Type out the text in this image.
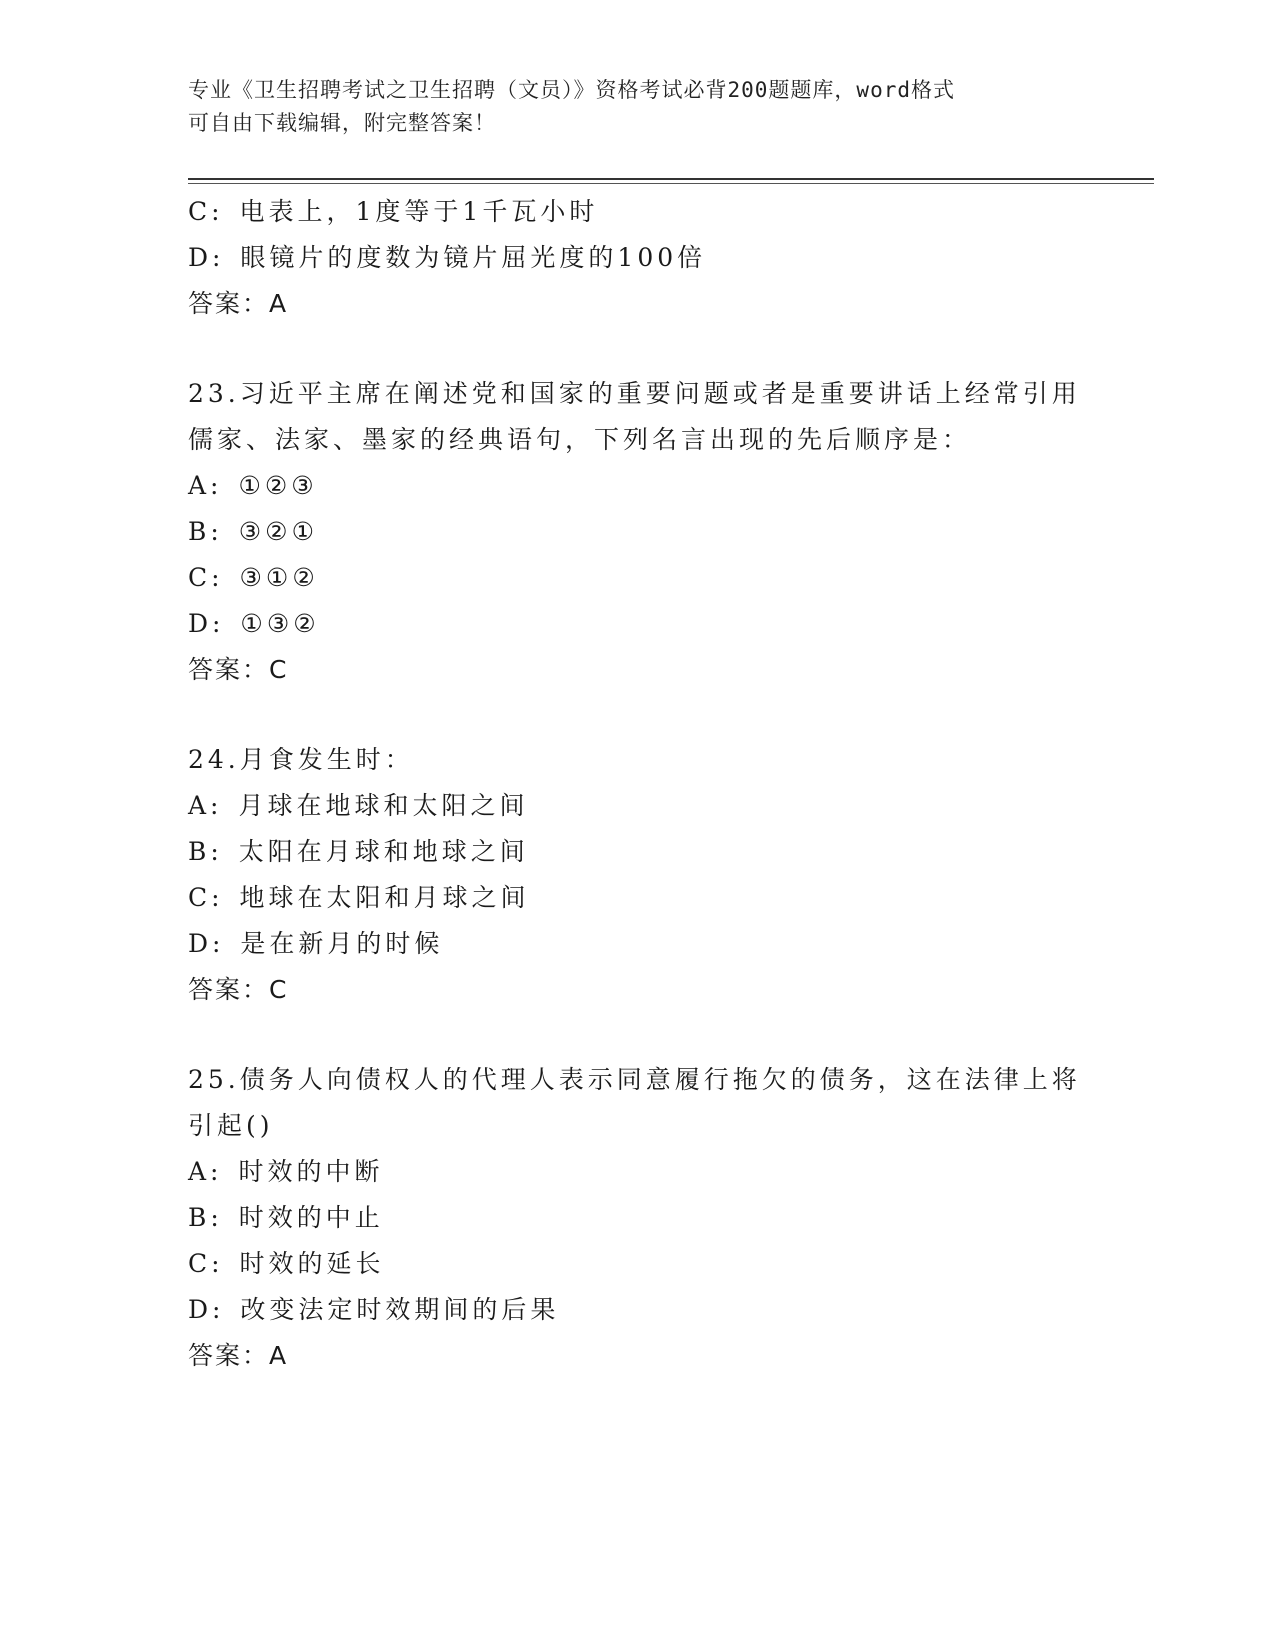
专业《卫生招聘考试之卫生招聘（文员）》资格考试必背200题题库，word格式
可自由下载编辑，附完整答案！
C: 电表上，1度等于1千瓦小时
D: 眼镜片的度数为镜片屈光度的100倍
答案：A
23.习近平主席在阐述党和国家的重要问题或者是重要讲话上经常引用
儒家、法家、墨家的经典语句，下列名言出现的先后顺序是：
A: ①②③
B: ③②①
C: ③①②
D: ①③②
答案：C
24.月食发生时：
A: 月球在地球和太阳之间
B: 太阳在月球和地球之间
C: 地球在太阳和月球之间
D: 是在新月的时候
答案：C
25.债务人向债权人的代理人表示同意履行拖欠的债务，这在法律上将
引起()
A: 时效的中断
B: 时效的中止
C: 时效的延长
D: 改变法定时效期间的后果
答案：A
